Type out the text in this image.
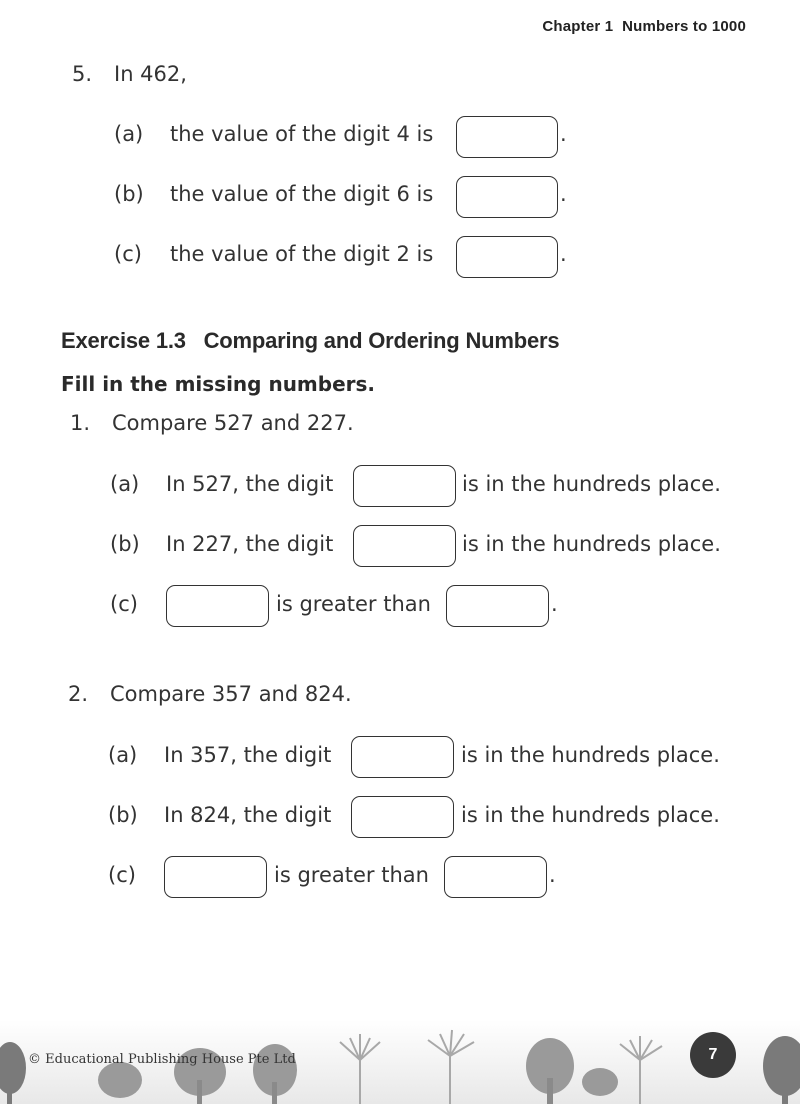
Chapter 1 Numbers to 1000
5. In 462,
(a) the value of the digit 4 is	.
(b) the value of the digit 6 is	.
(c) the value of the digit 2 is	.
Exercise 1.3 Comparing and Ordering Numbers
Fill in the missing numbers.
1. Compare 527 and 227.
(a) In 527, the digit	is in the hundreds place.
(b) In 227, the digit	is in the hundreds place.
(c)	is greater than	.
2. Compare 357 and 824.
(a) In 357, the digit	is in the hundreds place.
(b) In 824, the digit	is in the hundreds place.
(c)	is greater than	.
© Educational Publishing House Pte Ltd	7
